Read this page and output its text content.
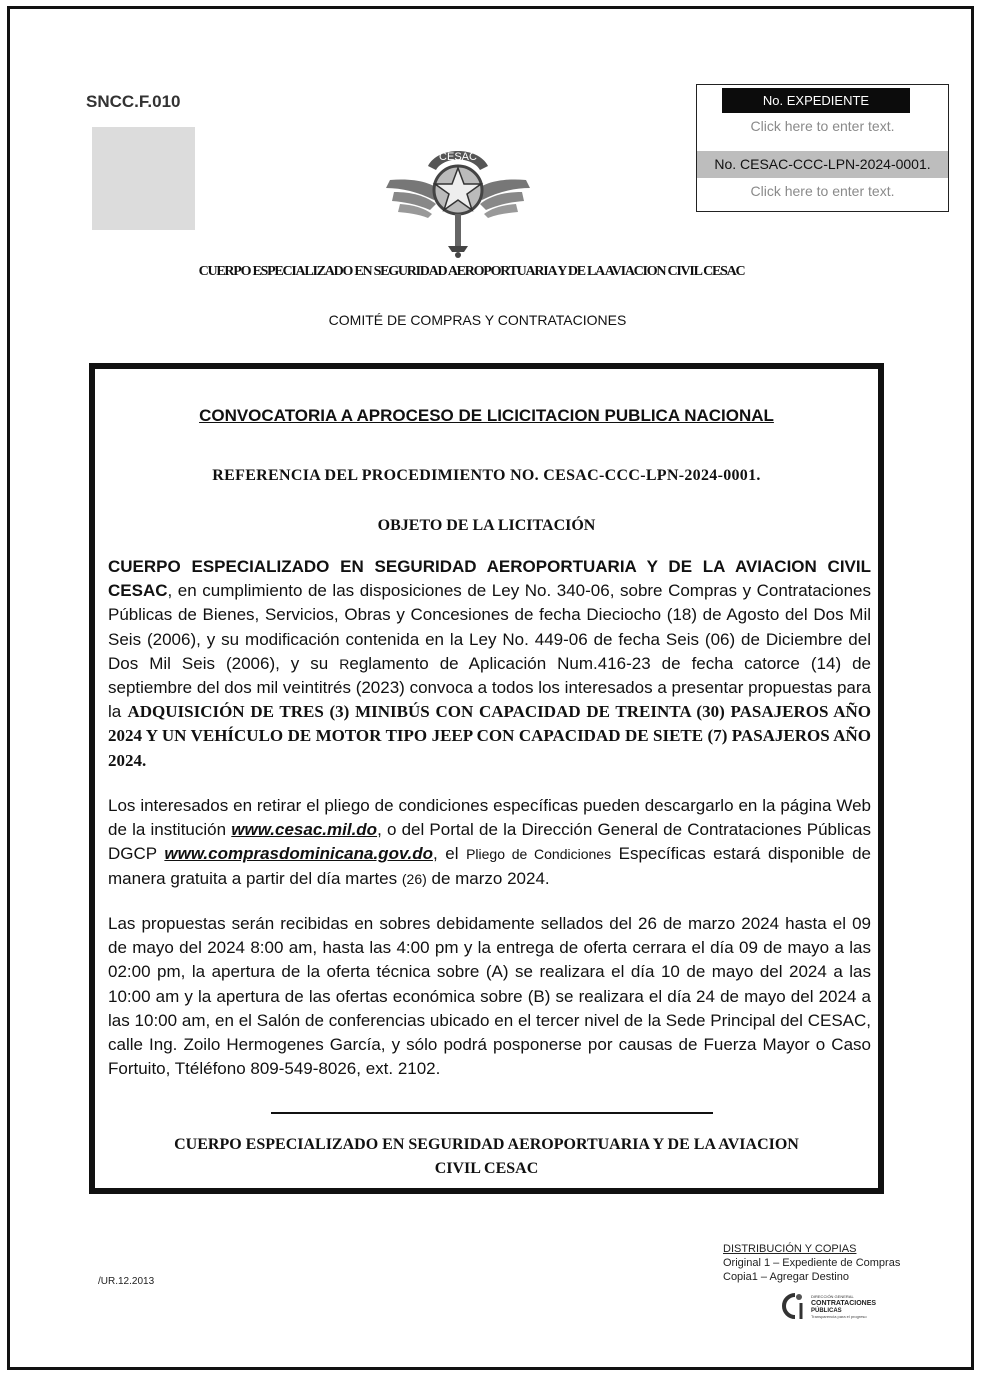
SNCC.F.010	No. EXPEDIENTE
Click here to enter text.
No. CESAC-CCC-LPN-2024-0001.
Click here to enter text.
CESAC
CUERPO ESPECIALIZADO EN SEGURIDAD AEROPORTUARIA Y DE LA AVIACION CIVIL CESAC
COMITÉ DE COMPRAS Y CONTRATACIONES
CONVOCATORIA A APROCESO DE LICICITACION PUBLICA NACIONAL
REFERENCIA DEL PROCEDIMIENTO NO. CESAC-CCC-LPN-2024-0001.
OBJETO DE LA LICITACIÓN

CUERPO ESPECIALIZADO EN SEGURIDAD AEROPORTUARIA Y DE LA AVIACION CIVIL CESAC, en cumplimiento de las disposiciones de Ley No. 340-06, sobre Compras y Contrataciones Públicas de Bienes, Servicios, Obras y Concesiones de fecha Dieciocho (18) de Agosto del Dos Mil Seis (2006), y su modificación contenida en la Ley No. 449-06 de fecha Seis (06) de Diciembre del Dos Mil Seis (2006), y su Reglamento de Aplicación Num.416-23 de fecha catorce (14) de septiembre del dos mil veintitrés (2023) convoca a todos los interesados a presentar propuestas para la ADQUISICIÓN DE TRES (3) MINIBÚS CON CAPACIDAD DE TREINTA (30) PASAJEROS AÑO 2024 Y UN VEHÍCULO DE MOTOR TIPO JEEP CON CAPACIDAD DE SIETE (7) PASAJEROS AÑO 2024.

Los interesados en retirar el pliego de condiciones específicas pueden descargarlo en la página Web de la institución www.cesac.mil.do, o del Portal de la Dirección General de Contrataciones Públicas DGCP www.comprasdominicana.gov.do, el Pliego de Condiciones Específicas estará disponible de manera gratuita a partir del día martes (26) de marzo 2024.

Las propuestas serán recibidas en sobres debidamente sellados del 26 de marzo 2024 hasta el 09 de mayo del 2024 8:00 am, hasta las 4:00 pm y la entrega de oferta cerrara el día 09 de mayo a las 02:00 pm, la apertura de la oferta técnica sobre (A) se realizara el día 10 de mayo del 2024 a las 10:00 am y la apertura de las ofertas económica sobre (B) se realizara el día 24 de mayo del 2024 a las 10:00 am, en el Salón de conferencias ubicado en el tercer nivel de la Sede Principal del CESAC, calle Ing. Zoilo Hermogenes García, y sólo podrá posponerse por causas de Fuerza Mayor o Caso Fortuito, Ttéléfono 809-549-8026, ext. 2102.

CUERPO ESPECIALIZADO EN SEGURIDAD AEROPORTUARIA Y DE LA AVIACION
CIVIL CESAC
DISTRIBUCIÓN Y COPIAS
Original 1 – Expediente de Compras
Copia1 – Agregar Destino
/UR.12.2013
DIRECCIÓN GENERAL
CONTRATACIONES
PÚBLICAS
Transparencia para el progreso
